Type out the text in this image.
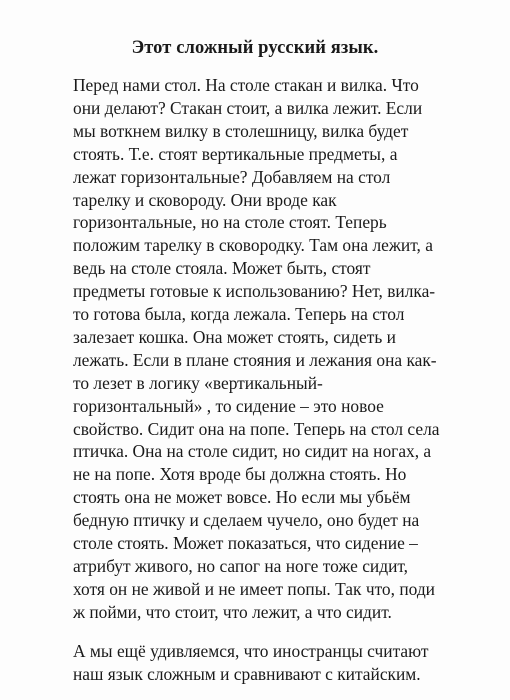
Этот сложный русский язык.

Перед нами стол. На столе стакан и вилка. Что

они делают? Стакан стоит, а вилка лежит. Если

мы воткнем вилку в столешницу, вилка будет

стоять. Т.е. стоят вертикальные предметы, а

лежат горизонтальные? Добавляем на стол

тарелку и сковороду. Они вроде как

горизонтальные, но на столе стоят. Теперь

положим тарелку в сковородку. Там она лежит, а

ведь на столе стояла. Может быть, стоят

предметы готовые к использованию? Нет, вилка-

то готова была, когда лежала. Теперь на стол

залезает кошка. Она может стоять, сидеть и

лежать. Если в плане стояния и лежания она как-

то лезет в логику «вертикальный-

горизонтальный» , то сидение – это новое

свойство. Сидит она на попе. Теперь на стол села

птичка. Она на столе сидит, но сидит на ногах, а

не на попе. Хотя вроде бы должна стоять. Но

стоять она не может вовсе. Но если мы убьём

бедную птичку и сделаем чучело, оно будет на

столе стоять. Может показаться, что сидение –

атрибут живого, но сапог на ноге тоже сидит,

хотя он не живой и не имеет попы. Так что, поди

ж пойми, что стоит, что лежит, а что сидит.

А мы ещё удивляемся, что иностранцы считают

наш язык сложным и сравнивают с китайским.
